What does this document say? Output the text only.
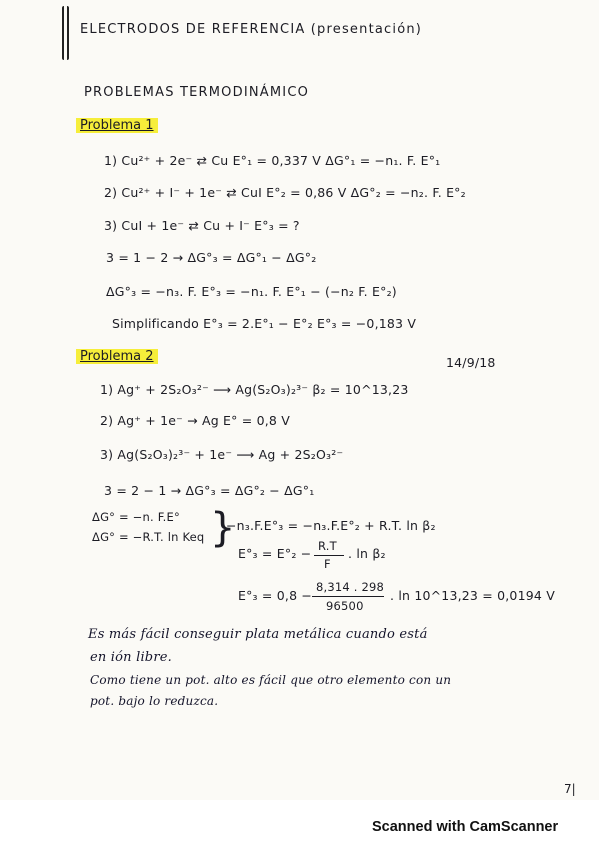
ELECTRODOS DE REFERENCIA (presentación)
PROBLEMAS TERMODINÁMICO
Problema 1
1) Cu²⁺ + 2e⁻ ⇄ Cu E°₁ = 0,337 V ΔG°₁ = −n₁. F. E°₁
2) Cu²⁺ + I⁻ + 1e⁻ ⇄ CuI E°₂ = 0,86 V ΔG°₂ = −n₂. F. E°₂
3) CuI + 1e⁻ ⇄ Cu + I⁻ E°₃ = ?
3 = 1 − 2 → ΔG°₃ = ΔG°₁ − ΔG°₂
ΔG°₃ = −n₃. F. E°₃ = −n₁. F. E°₁ − (−n₂ F. E°₂)
Simplificando E°₃ = 2.E°₁ − E°₂ E°₃ = −0,183 V
Problema 2	14/9/18
1) Ag⁺ + 2S₂O₃²⁻ ⟶ Ag(S₂O₃)₂³⁻ β₂ = 10^13,23
2) Ag⁺ + 1e⁻ → Ag E° = 0,8 V
3) Ag(S₂O₃)₂³⁻ + 1e⁻ ⟶ Ag + 2S₂O₃²⁻
3 = 2 − 1 → ΔG°₃ = ΔG°₂ − ΔG°₁
ΔG° = −n. F.E°
ΔG° = −R.T. ln Keq }
−n₃.F.E°₃ = −n₃.F.E°₂ + R.T. ln β₂
E°₃ = E°₂ − R.T
F
. ln β₂
E°₃ = 0,8 −
8,314 . 298
96500
. ln 10^13,23 = 0,0194 V
Es más fácil conseguir plata metálica cuando está
en ión libre.
Como tiene un pot. alto es fácil que otro elemento con un
pot. bajo lo reduzca.
7|
Scanned with CamScanner
